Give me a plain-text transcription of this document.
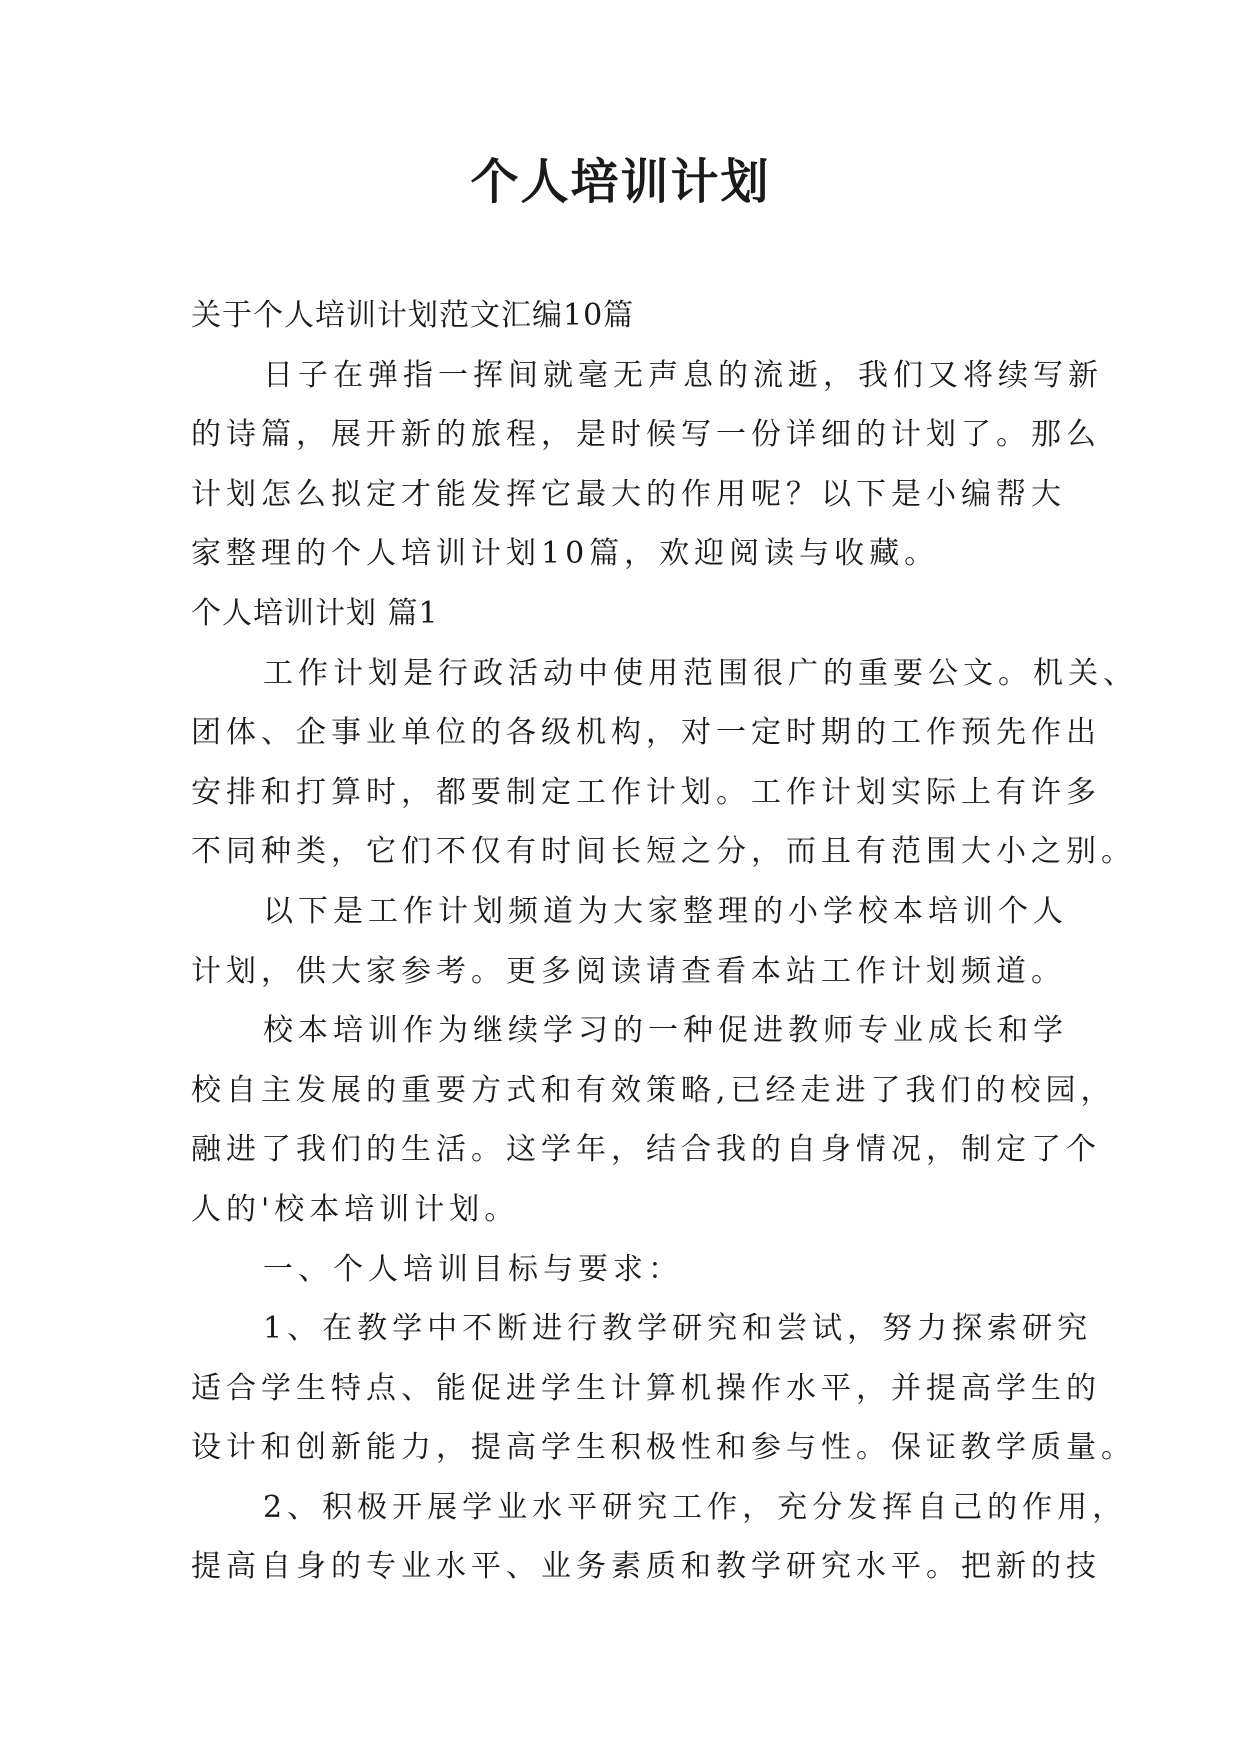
个人培训计划

关于个人培训计划范文汇编10篇

日子在弹指一挥间就毫无声息的流逝，我们又将续写新

的诗篇，展开新的旅程，是时候写一份详细的计划了。那么

计划怎么拟定才能发挥它最大的作用呢？以下是小编帮大

家整理的个人培训计划10篇，欢迎阅读与收藏。

个人培训计划 篇1

工作计划是行政活动中使用范围很广的重要公文。机关、

团体、企事业单位的各级机构，对一定时期的工作预先作出

安排和打算时，都要制定工作计划。工作计划实际上有许多

不同种类，它们不仅有时间长短之分，而且有范围大小之别。

以下是工作计划频道为大家整理的小学校本培训个人

计划，供大家参考。更多阅读请查看本站工作计划频道。

校本培训作为继续学习的一种促进教师专业成长和学

校自主发展的重要方式和有效策略,已经走进了我们的校园，

融进了我们的生活。这学年，结合我的自身情况，制定了个

人的'校本培训计划。

一、个人培训目标与要求：

1、在教学中不断进行教学研究和尝试，努力探索研究

适合学生特点、能促进学生计算机操作水平，并提高学生的

设计和创新能力，提高学生积极性和参与性。保证教学质量。

2、积极开展学业水平研究工作，充分发挥自己的作用，

提高自身的专业水平、业务素质和教学研究水平。把新的技
